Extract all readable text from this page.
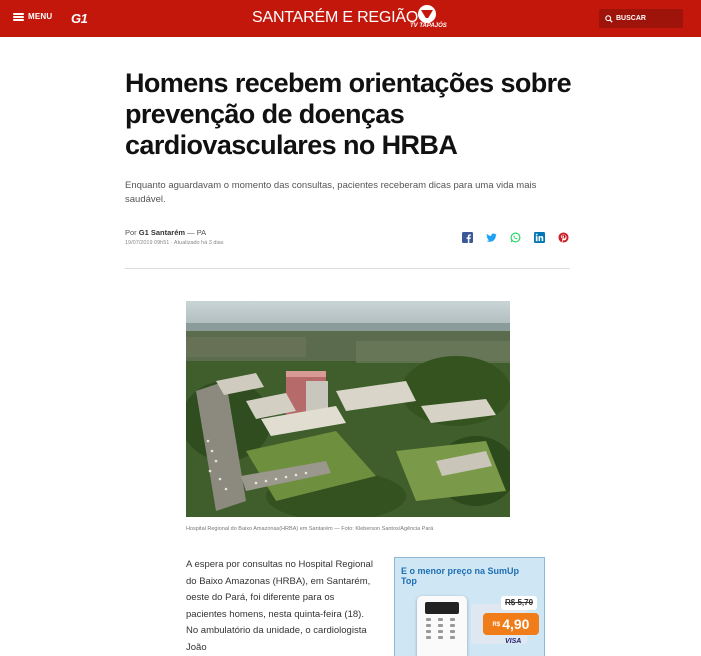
MENU G1	SANTARÉM E REGIÃO
TV TAPAJÓS
BUSCAR
Homens recebem orientações sobre prevenção de doenças cardiovasculares no HRBA

Enquanto aguardavam o momento das consultas, pacientes receberam dicas para uma vida mais saudável.

Por G1 Santarém — PA
19/07/2019 09h51 · Atualizado há 3 dias
Hospital Regional do Baixo Amazonas(HRBA) em Santarém — Foto: Kleberson Santos/Agência Pará

A espera por consultas no Hospital Regional do Baixo Amazonas (HRBA), em Santarém, oeste do Pará, foi diferente para os pacientes homens, nesta quinta-feira (18). No ambulatório da unidade, o cardiologista João

E o menor preço na SumUp Top
R$ 5,70
R$ 4,90
VISA
